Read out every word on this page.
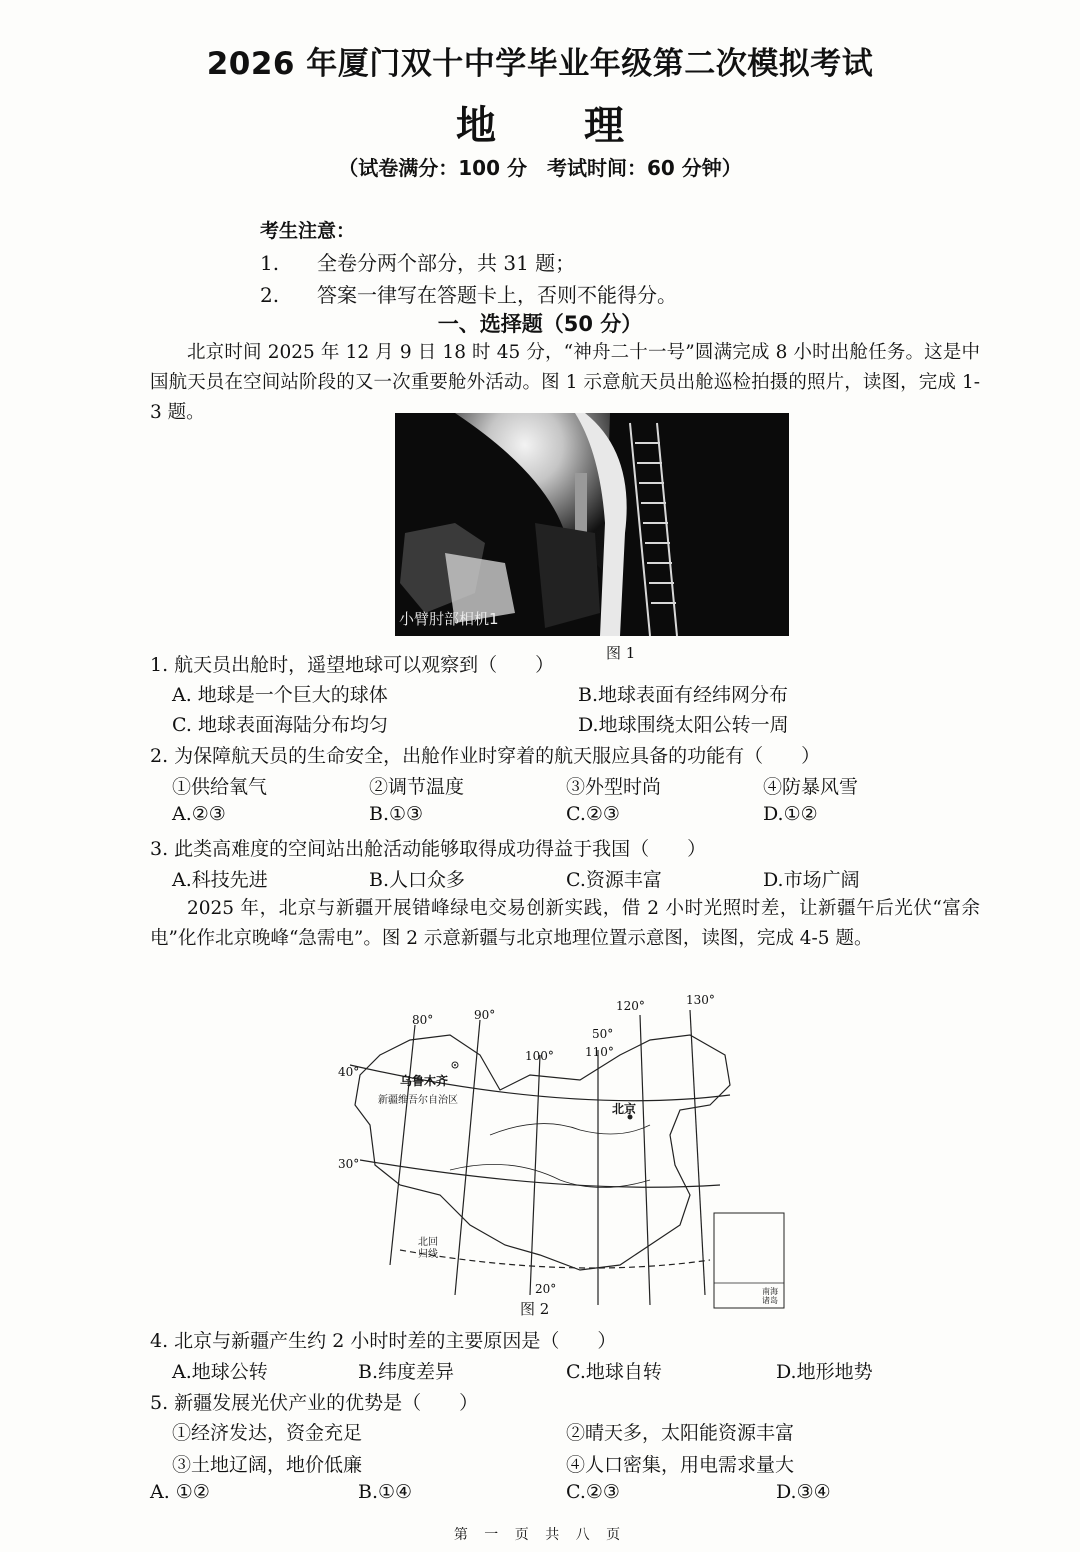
2026 年厦门双十中学毕业年级第二次模拟考试
地 理
（试卷满分：100 分　考试时间：60 分钟）
考生注意：
1. 全卷分两个部分，共 31 题；
2. 答案一律写在答题卡上，否则不能得分。
一、选择题（50 分）
北京时间 2025 年 12 月 9 日 18 时 45 分，“神舟二十一号”圆满完成 8 小时出舱任务。这是中国航天员在空间站阶段的又一次重要舱外活动。图 1 示意航天员出舱巡检拍摄的照片，读图，完成 1-3 题。
小臂肘部相机1
图 1
1. 航天员出舱时，遥望地球可以观察到（　　）
A. 地球是一个巨大的球体	B.地球表面有经纬网分布
C. 地球表面海陆分布均匀	D.地球围绕太阳公转一周
2. 为保障航天员的生命安全，出舱作业时穿着的航天服应具备的功能有（　　）
①供给氧气	②调节温度	③外型时尚	④防暴风雪
A.②③	B.①③	C.②③	D.①②
3. 此类高难度的空间站出舱活动能够取得成功得益于我国（　　）
A.科技先进	B.人口众多	C.资源丰富	D.市场广阔
2025 年，北京与新疆开展错峰绿电交易创新实践，借 2 小时光照时差，让新疆午后光伏“富余电”化作北京晚峰“急需电”。图 2 示意新疆与北京地理位置示意图，读图，完成 4-5 题。
80°	90°
100°	110°
120°	130°
50°
40°
30°
20°
乌鲁木齐
新疆维吾尔自治区
北京
北回归线
南海诸岛
图 2
4. 北京与新疆产生约 2 小时时差的主要原因是（　　）
A.地球公转	B.纬度差异	C.地球自转	D.地形地势
5. 新疆发展光伏产业的优势是（　　）
①经济发达，资金充足	②晴天多，太阳能资源丰富
③土地辽阔，地价低廉	④人口密集，用电需求量大
A. ①②	B.①④	C.②③	D.③④
第 一 页 共 八 页
